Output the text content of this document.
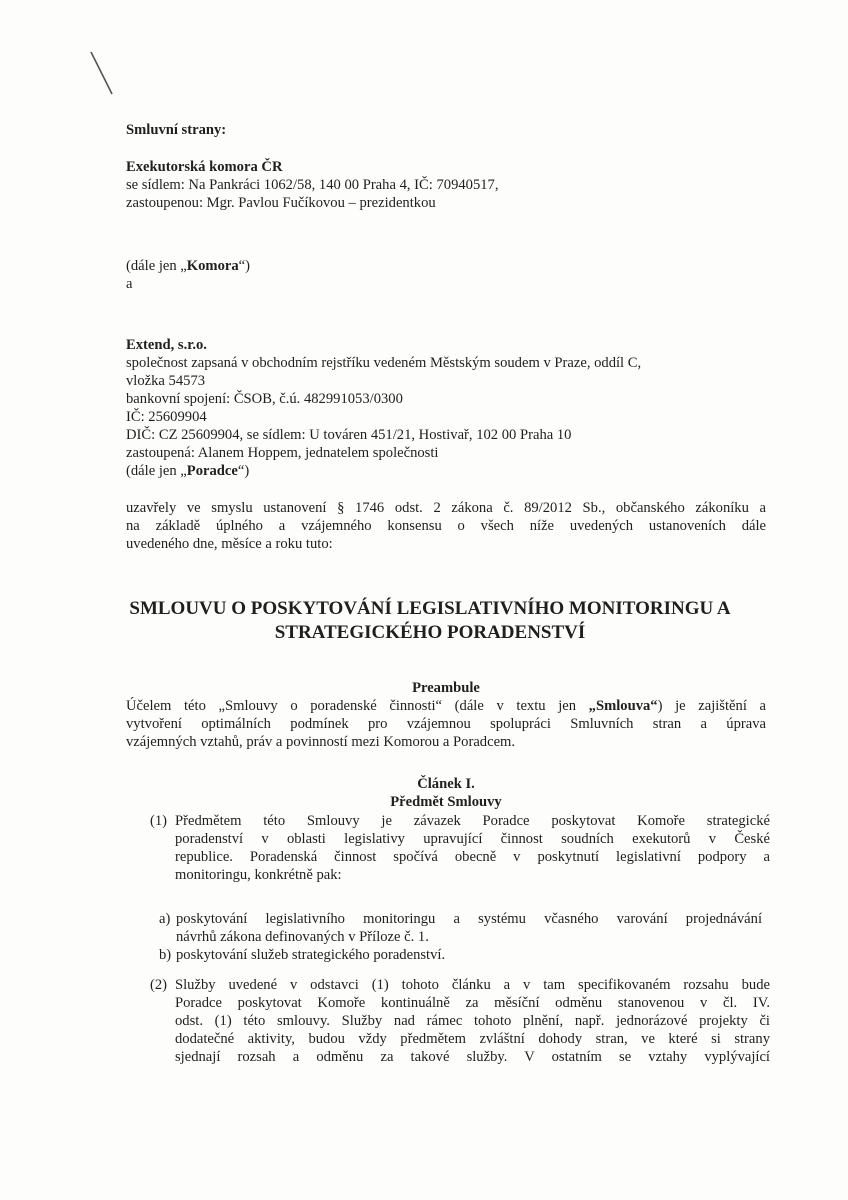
Smluvní strany:
Exekutorská komora ČR
se sídlem: Na Pankráci 1062/58, 140 00 Praha 4, IČ: 70940517,
zastoupenou: Mgr. Pavlou Fučíkovou – prezidentkou
(dále jen „Komora“)
a
Extend, s.r.o.
společnost zapsaná v obchodním rejstříku vedeném Městským soudem v Praze, oddíl C,
vložka 54573
bankovní spojení: ČSOB, č.ú. 482991053/0300
IČ: 25609904
DIČ: CZ 25609904, se sídlem: U továren 451/21, Hostivař, 102 00 Praha 10
zastoupená: Alanem Hoppem, jednatelem společnosti
(dále jen „Poradce“)
uzavřely ve smyslu ustanovení § 1746 odst. 2 zákona č. 89/2012 Sb., občanského zákoníku a
na základě úplného a vzájemného konsensu o všech níže uvedených ustanoveních dále
uvedeného dne, měsíce a roku tuto:
SMLOUVU O POSKYTOVÁNÍ LEGISLATIVNÍHO MONITORINGU A
STRATEGICKÉHO PORADENSTVÍ
Preambule
Účelem této „Smlouvy o poradenské činnosti“ (dále v textu jen „Smlouva“) je zajištění a
vytvoření optimálních podmínek pro vzájemnou spolupráci Smluvních stran a úprava
vzájemných vztahů, práv a povinností mezi Komorou a Poradcem.
Článek I.
Předmět Smlouvy
(1) Předmětem této Smlouvy je závazek Poradce poskytovat Komoře strategické
poradenství v oblasti legislativy upravující činnost soudních exekutorů v České
republice. Poradenská činnost spočívá obecně v poskytnutí legislativní podpory a
monitoringu, konkrétně pak:
a) poskytování legislativního monitoringu a systému včasného varování projednávání
návrhů zákona definovaných v Příloze č. 1.
b) poskytování služeb strategického poradenství.
(2) Služby uvedené v odstavci (1) tohoto článku a v tam specifikovaném rozsahu bude
Poradce poskytovat Komoře kontinuálně za měsíční odměnu stanovenou v čl. IV.
odst. (1) této smlouvy. Služby nad rámec tohoto plnění, např. jednorázové projekty či
dodatečné aktivity, budou vždy předmětem zvláštní dohody stran, ve které si strany
sjednají rozsah a odměnu za takové služby. V ostatním se vztahy vyplývající
